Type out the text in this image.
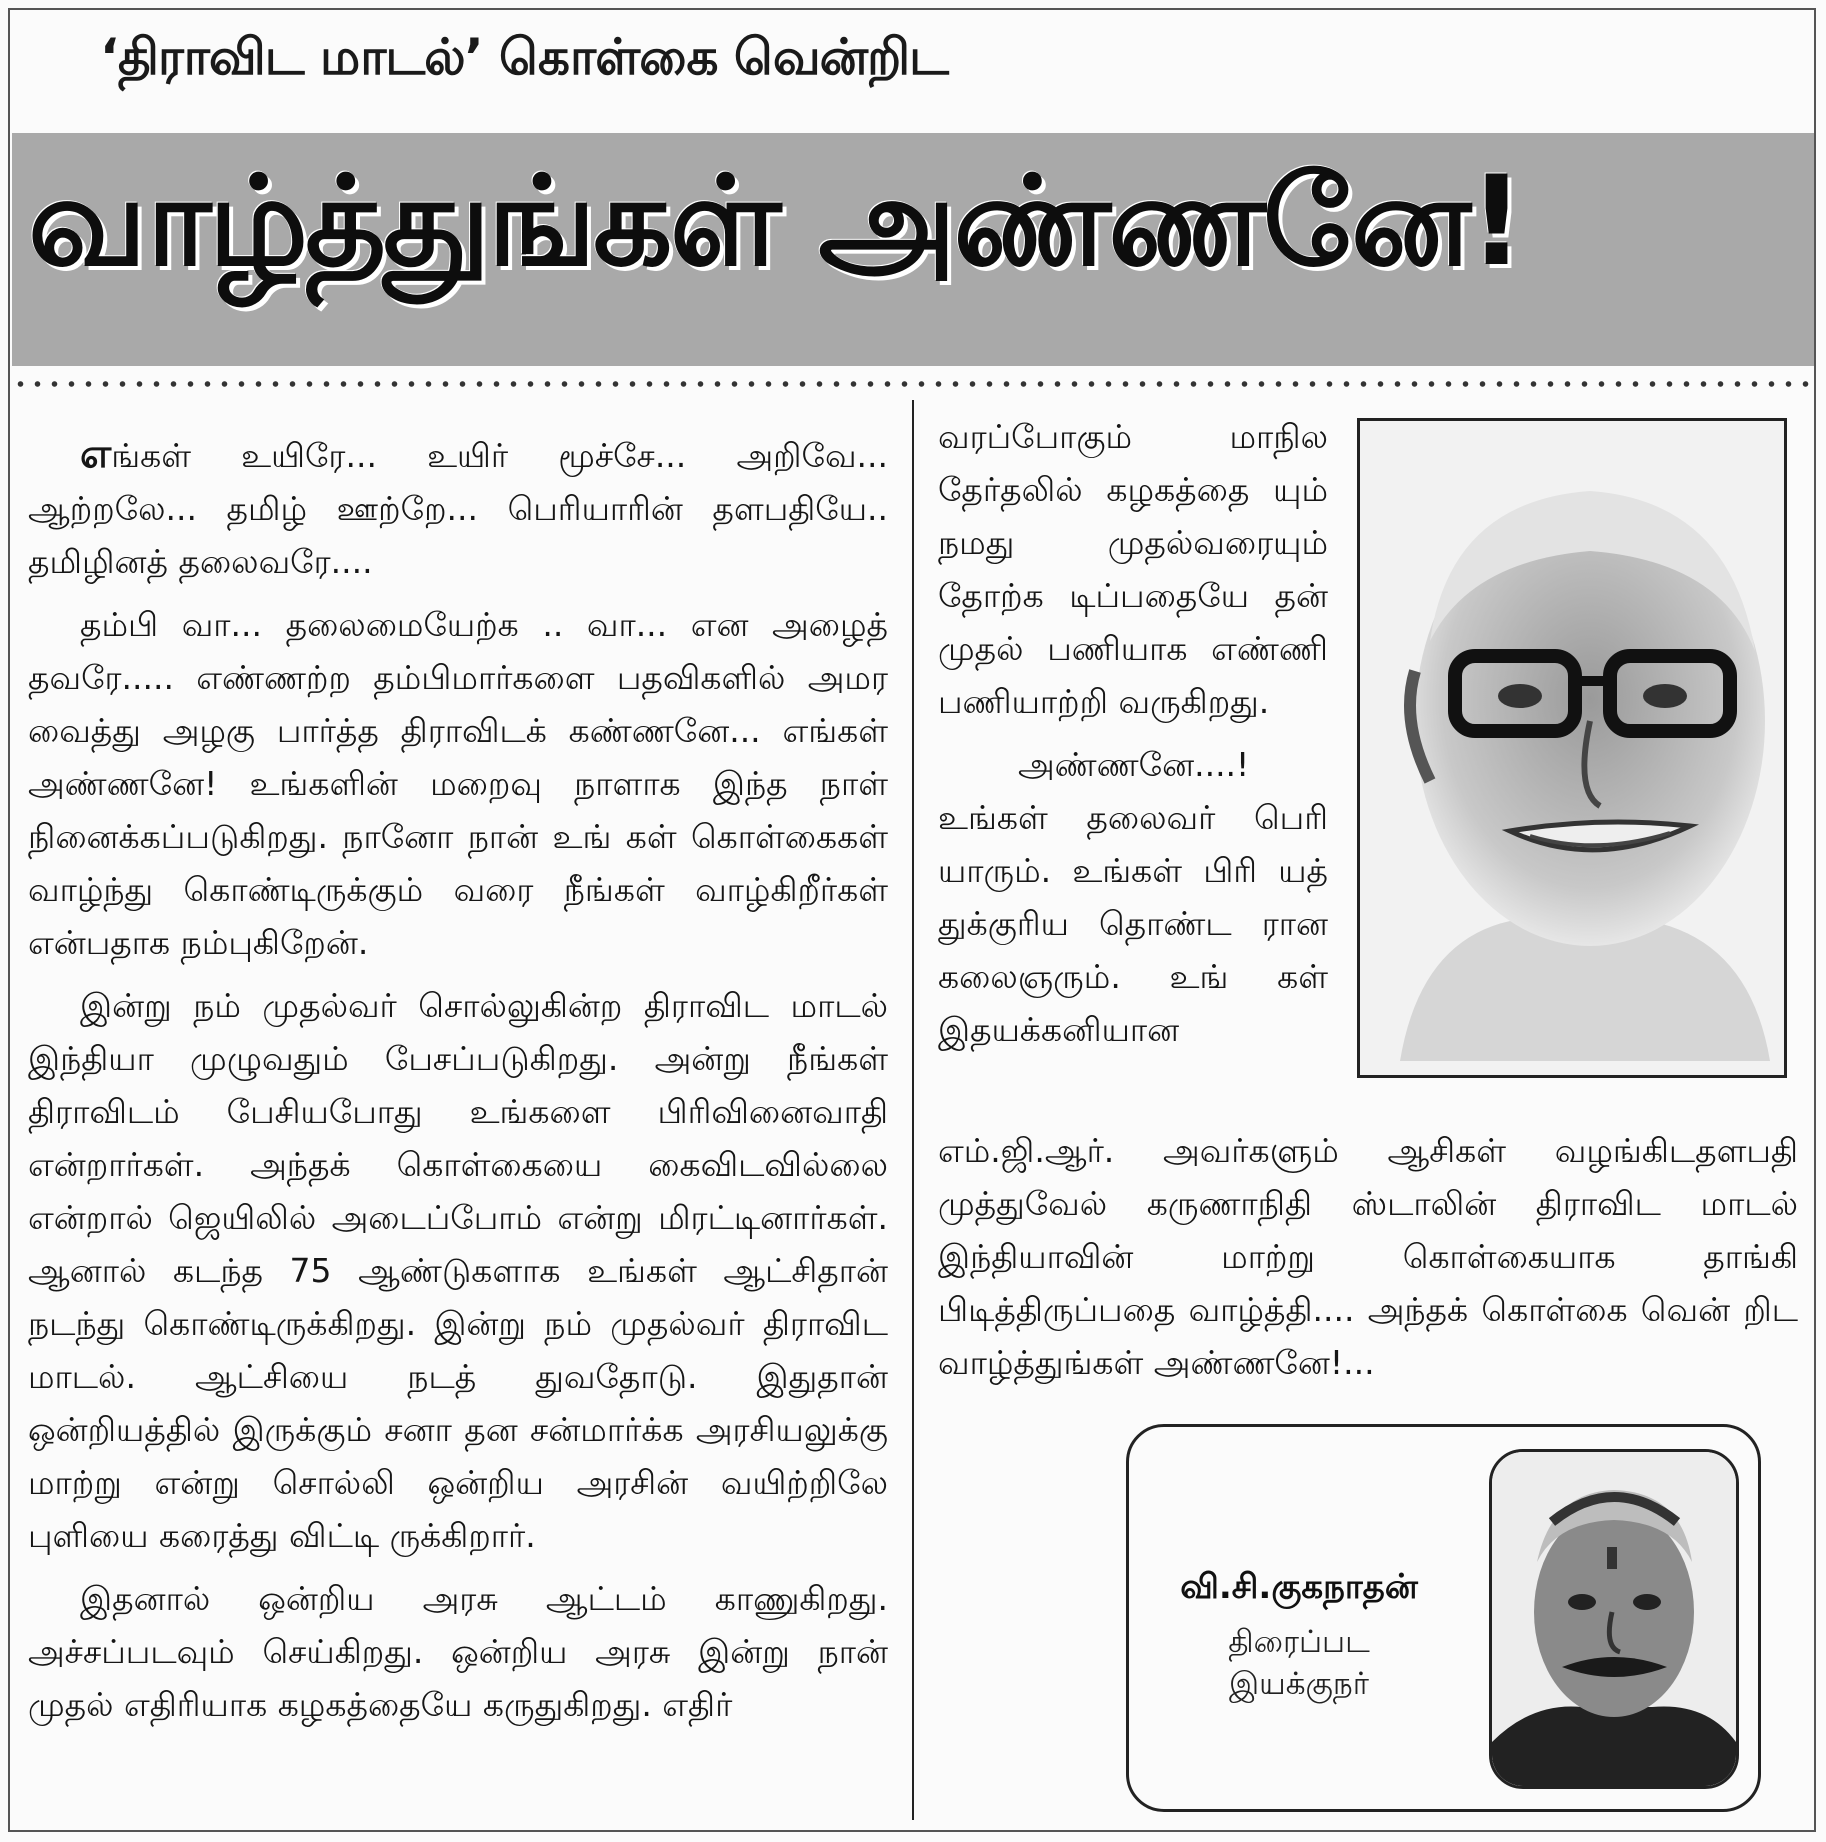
‘திராவிட மாடல்’ கொள்கை வென்றிட
வாழ்த்துங்கள் அண்ணனே!

எங்கள் உயிரே... உயிர் மூச்சே... அறிவே... ஆற்றலே... தமிழ் ஊற்றே... பெரியாரின் தளபதியே.. தமிழினத் தலைவரே....

தம்பி வா... தலைமையேற்க .. வா... என அழைத் தவரே..... எண்ணற்ற தம்பிமார்களை பதவிகளில் அமர வைத்து அழகு பார்த்த திராவிடக் கண்ணனே... எங்கள் அண்ணனே! உங்களின் மறைவு நாளாக இந்த நாள் நினைக்கப்படுகிறது. நானோ நான் உங் கள் கொள்கைகள் வாழ்ந்து கொண்டிருக்கும் வரை நீங்கள் வாழ்கிறீர்கள் என்பதாக நம்புகிறேன்.

இன்று நம் முதல்வர் சொல்லுகின்ற திராவிட மாடல் இந்தியா முழுவதும் பேசப்படுகிறது. அன்று நீங்கள் திராவிடம் பேசியபோது உங்களை பிரிவினைவாதி என்றார்கள். அந்தக் கொள்கையை கைவிடவில்லை என்றால் ஜெயிலில் அடைப்போம் என்று மிரட்டினார்கள். ஆனால் கடந்த 75 ஆண்டுகளாக உங்கள் ஆட்சிதான் நடந்து கொண்டிருக்கிறது. இன்று நம் முதல்வர் திராவிட மாடல். ஆட்சியை நடத் துவதோடு. இதுதான் ஒன்றியத்தில் இருக்கும் சனா தன சன்மார்க்க அரசியலுக்கு மாற்று என்று சொல்லி ஒன்றிய அரசின் வயிற்றிலே புளியை கரைத்து விட்டி ருக்கிறார்.

இதனால் ஒன்றிய அரசு ஆட்டம் காணுகிறது. அச்சப்படவும் செய்கிறது. ஒன்றிய அரசு இன்று நான் முதல் எதிரியாக கழகத்தையே கருதுகிறது. எதிர்

வரப்போகும் மாநில தேர்தலில் கழகத்தை யும் நமது முதல்வரையும் தோற்க டிப்பதையே தன் முதல் பணியாக எண்ணி பணியாற்றி வருகிறது.

அண்ணனே....! உங்கள் தலைவர் பெரி யாரும். உங்கள் பிரி யத் துக்குரிய தொண்ட ரான கலைஞரும். உங் கள் இதயக்கனியான

எம்.ஜி.ஆர். அவர்களும் ஆசிகள் வழங்கிடதளபதி முத்துவேல் கருணாநிதி ஸ்டாலின் திராவிட மாடல் இந்தியாவின் மாற்று கொள்கையாக தாங்கி பிடித்திருப்பதை வாழ்த்தி.... அந்தக் கொள்கை வென் றிட வாழ்த்துங்கள் அண்ணனே!...

வி.சி.குகநாதன்
திரைப்பட
இயக்குநர்
